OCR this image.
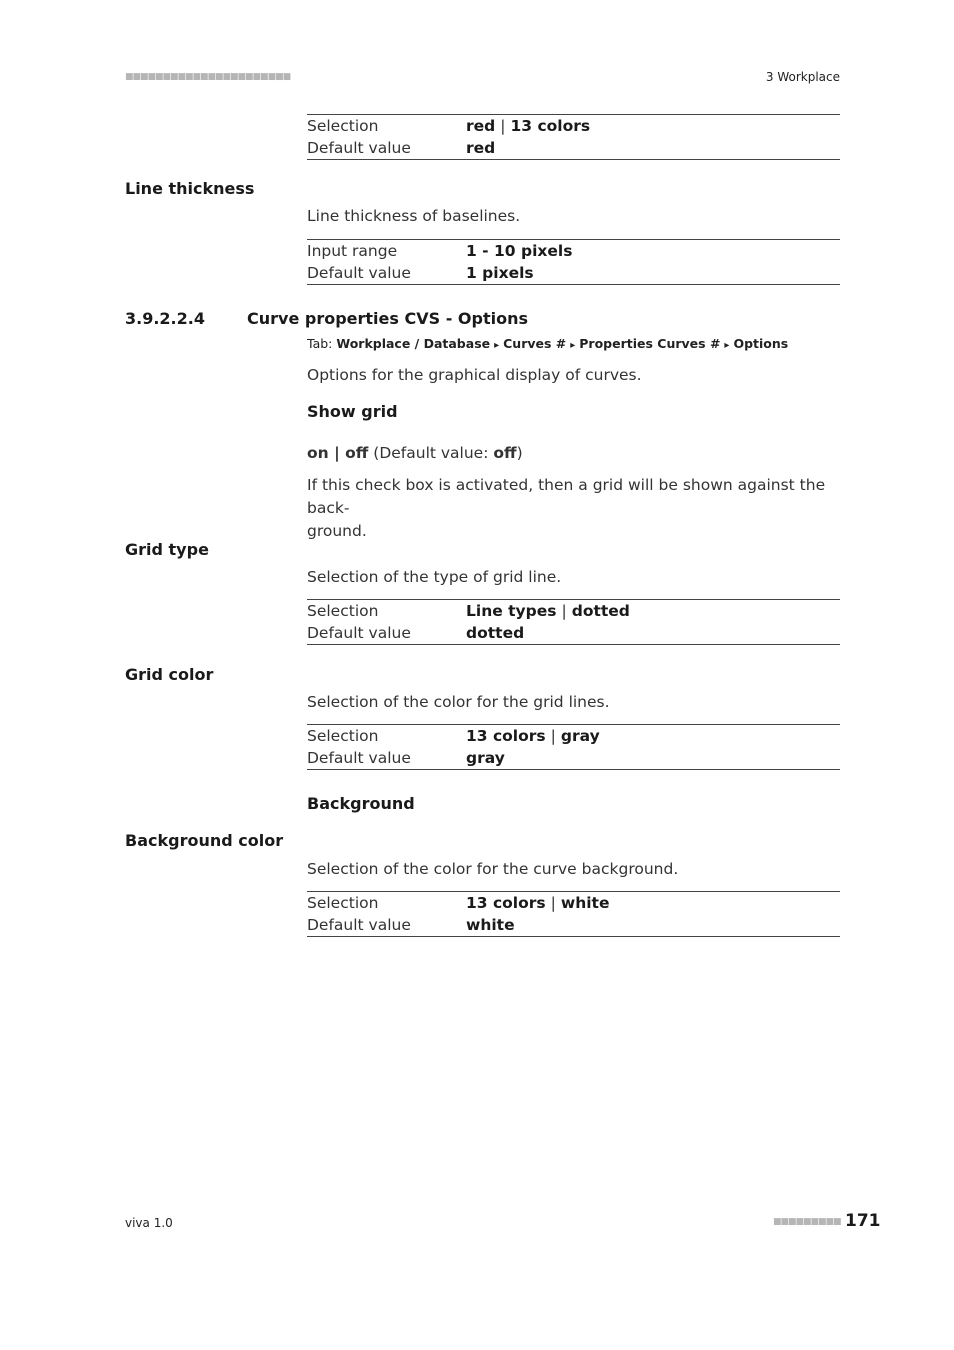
■■■■■■■■■■■■■■■■■■■■■■	3 Workplace
Selection	red | 13 colors
Default value	red
Line thickness
Line thickness of baselines.
Input range	1 - 10 pixels
Default value	1 pixels
3.9.2.2.4	Curve properties CVS - Options
Tab: Workplace / Database ▸ Curves # ▸ Properties Curves # ▸ Options
Options for the graphical display of curves.
Show grid
on | off (Default value: off)
If this check box is activated, then a grid will be shown against the back-
ground.
Grid type
Selection of the type of grid line.
Selection	Line types | dotted
Default value	dotted
Grid color
Selection of the color for the grid lines.
Selection	13 colors | gray
Default value	gray
Background
Background color
Selection of the color for the curve background.
Selection	13 colors | white
Default value	white
viva 1.0	■■■■■■■■■ 171
